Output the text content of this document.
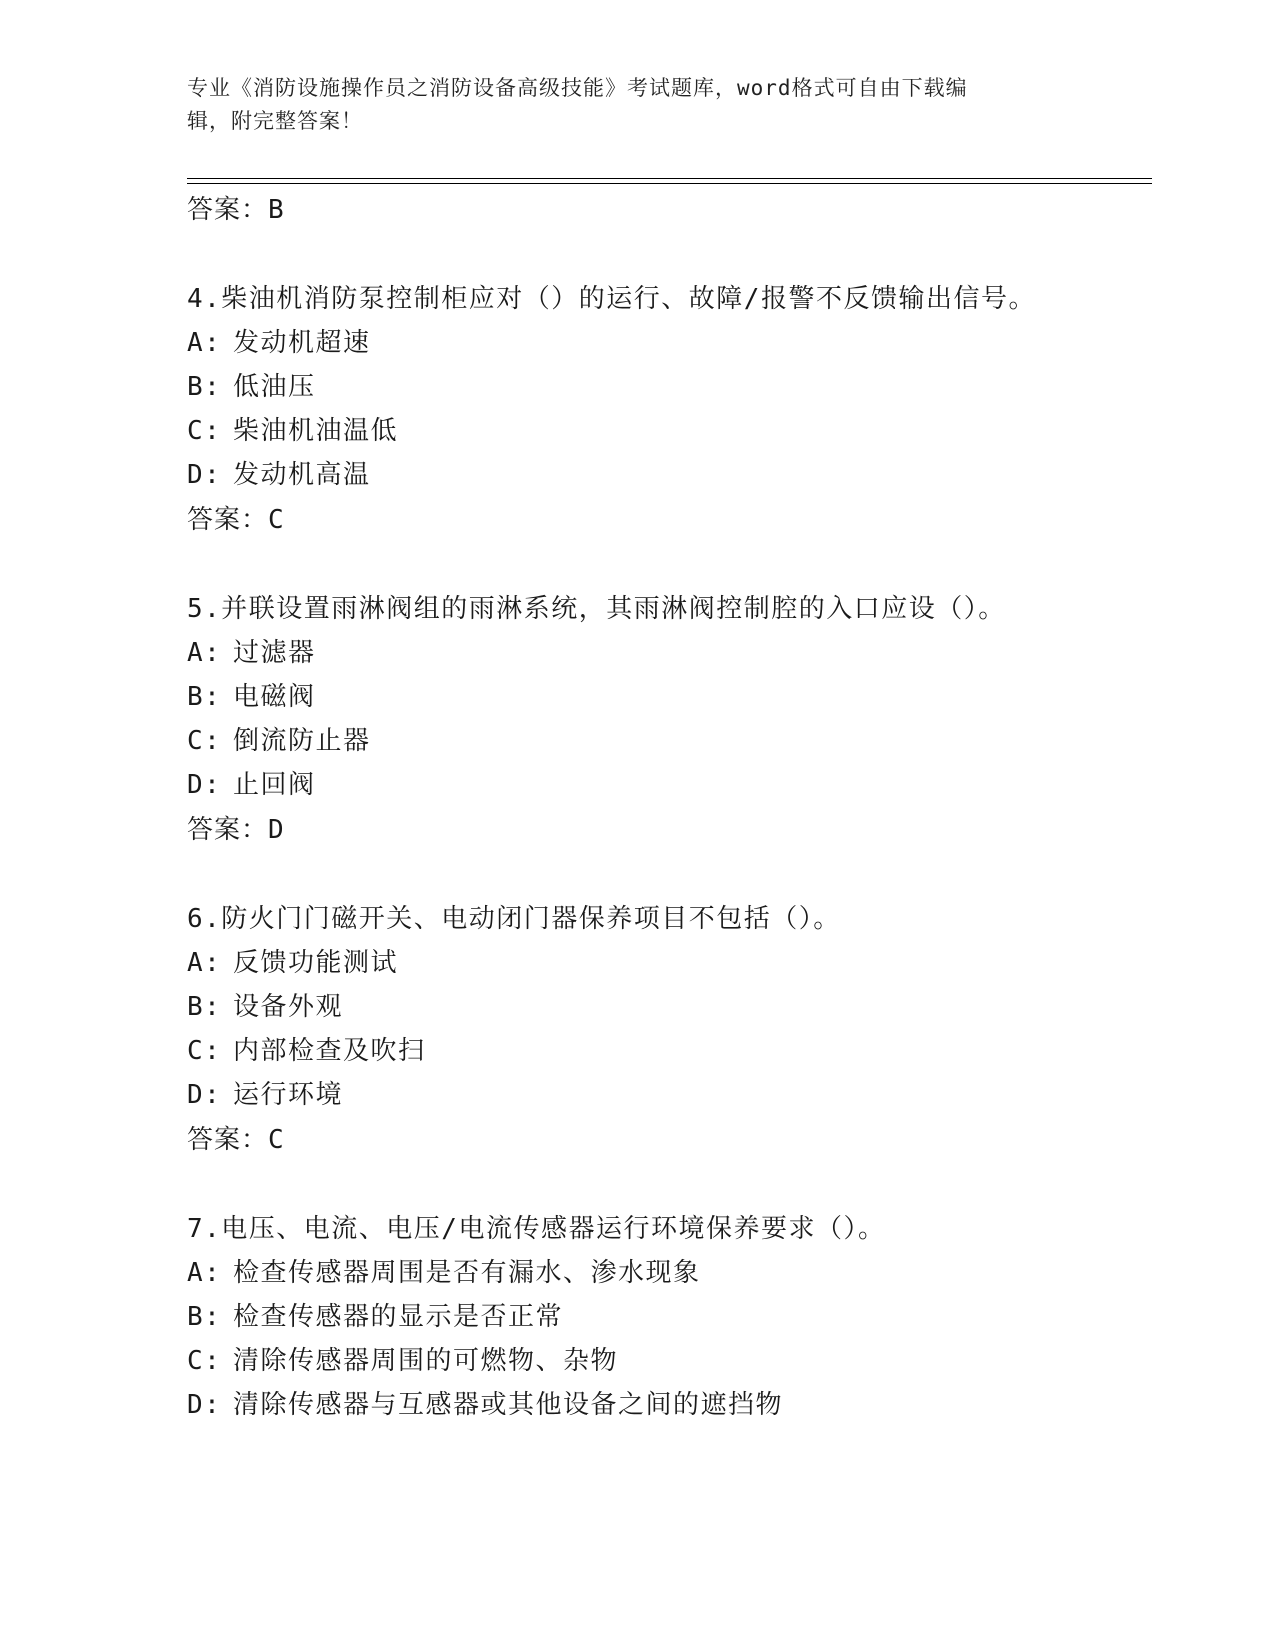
专业《消防设施操作员之消防设备高级技能》考试题库，word格式可自由下载编
辑，附完整答案！
答案：B
4.柴油机消防泵控制柜应对（）的运行、故障/报警不反馈输出信号。
A: 发动机超速
B: 低油压
C: 柴油机油温低
D: 发动机高温
答案：C
5.并联设置雨淋阀组的雨淋系统，其雨淋阀控制腔的入口应设（）。
A: 过滤器
B: 电磁阀
C: 倒流防止器
D: 止回阀
答案：D
6.防火门门磁开关、电动闭门器保养项目不包括（）。
A: 反馈功能测试
B: 设备外观
C: 内部检查及吹扫
D: 运行环境
答案：C
7.电压、电流、电压/电流传感器运行环境保养要求（）。
A: 检查传感器周围是否有漏水、渗水现象
B: 检查传感器的显示是否正常
C: 清除传感器周围的可燃物、杂物
D: 清除传感器与互感器或其他设备之间的遮挡物
